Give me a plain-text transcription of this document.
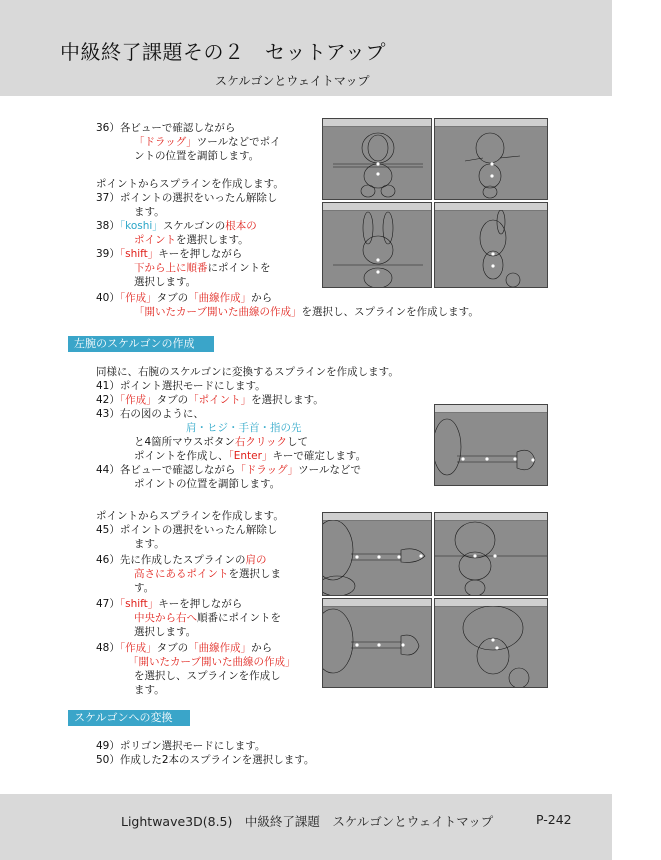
中級終了課題その２　セットアップ
スケルゴンとウェイトマップ
36）各ビューで確認しながら
「ドラッグ」ツールなどでポイ
ントの位置を調節します。
ポイントからスプラインを作成します。
37）ポイントの選択をいったん解除し
ます。
38）「koshi」スケルゴンの根本の
ポイントを選択します。
39）「shift」キーを押しながら
下から上に順番にポイントを
選択します。
40）「作成」タブの「曲線作成」から
「開いたカーブ開いた曲線の作成」を選択し、スプラインを作成します。
左腕のスケルゴンの作成
同様に、右腕のスケルゴンに変換するスプラインを作成します。
41）ポイント選択モードにします。
42）「作成」タブの「ポイント」を選択します。
43）右の図のように、
肩・ヒジ・手首・指の先
と4箇所マウスボタン右クリックして
ポイントを作成し、「Enter」キーで確定します。
44）各ビューで確認しながら「ドラッグ」ツールなどで
ポイントの位置を調節します。
ポイントからスプラインを作成します。
45）ポイントの選択をいったん解除し
ます。
46）先に作成したスプラインの肩の
高さにあるポイントを選択しま
す。
47）「shift」キーを押しながら
中央から右へ順番にポイントを
選択します。
48）「作成」タブの「曲線作成」から
「開いたカーブ開いた曲線の作成」
を選択し、スプラインを作成し
ます。
スケルゴンへの変換
49）ポリゴン選択モードにします。
50）作成した2本のスプラインを選択します。
Lightwave3D(8.5)　中級終了課題　スケルゴンとウェイトマップ	P-242
